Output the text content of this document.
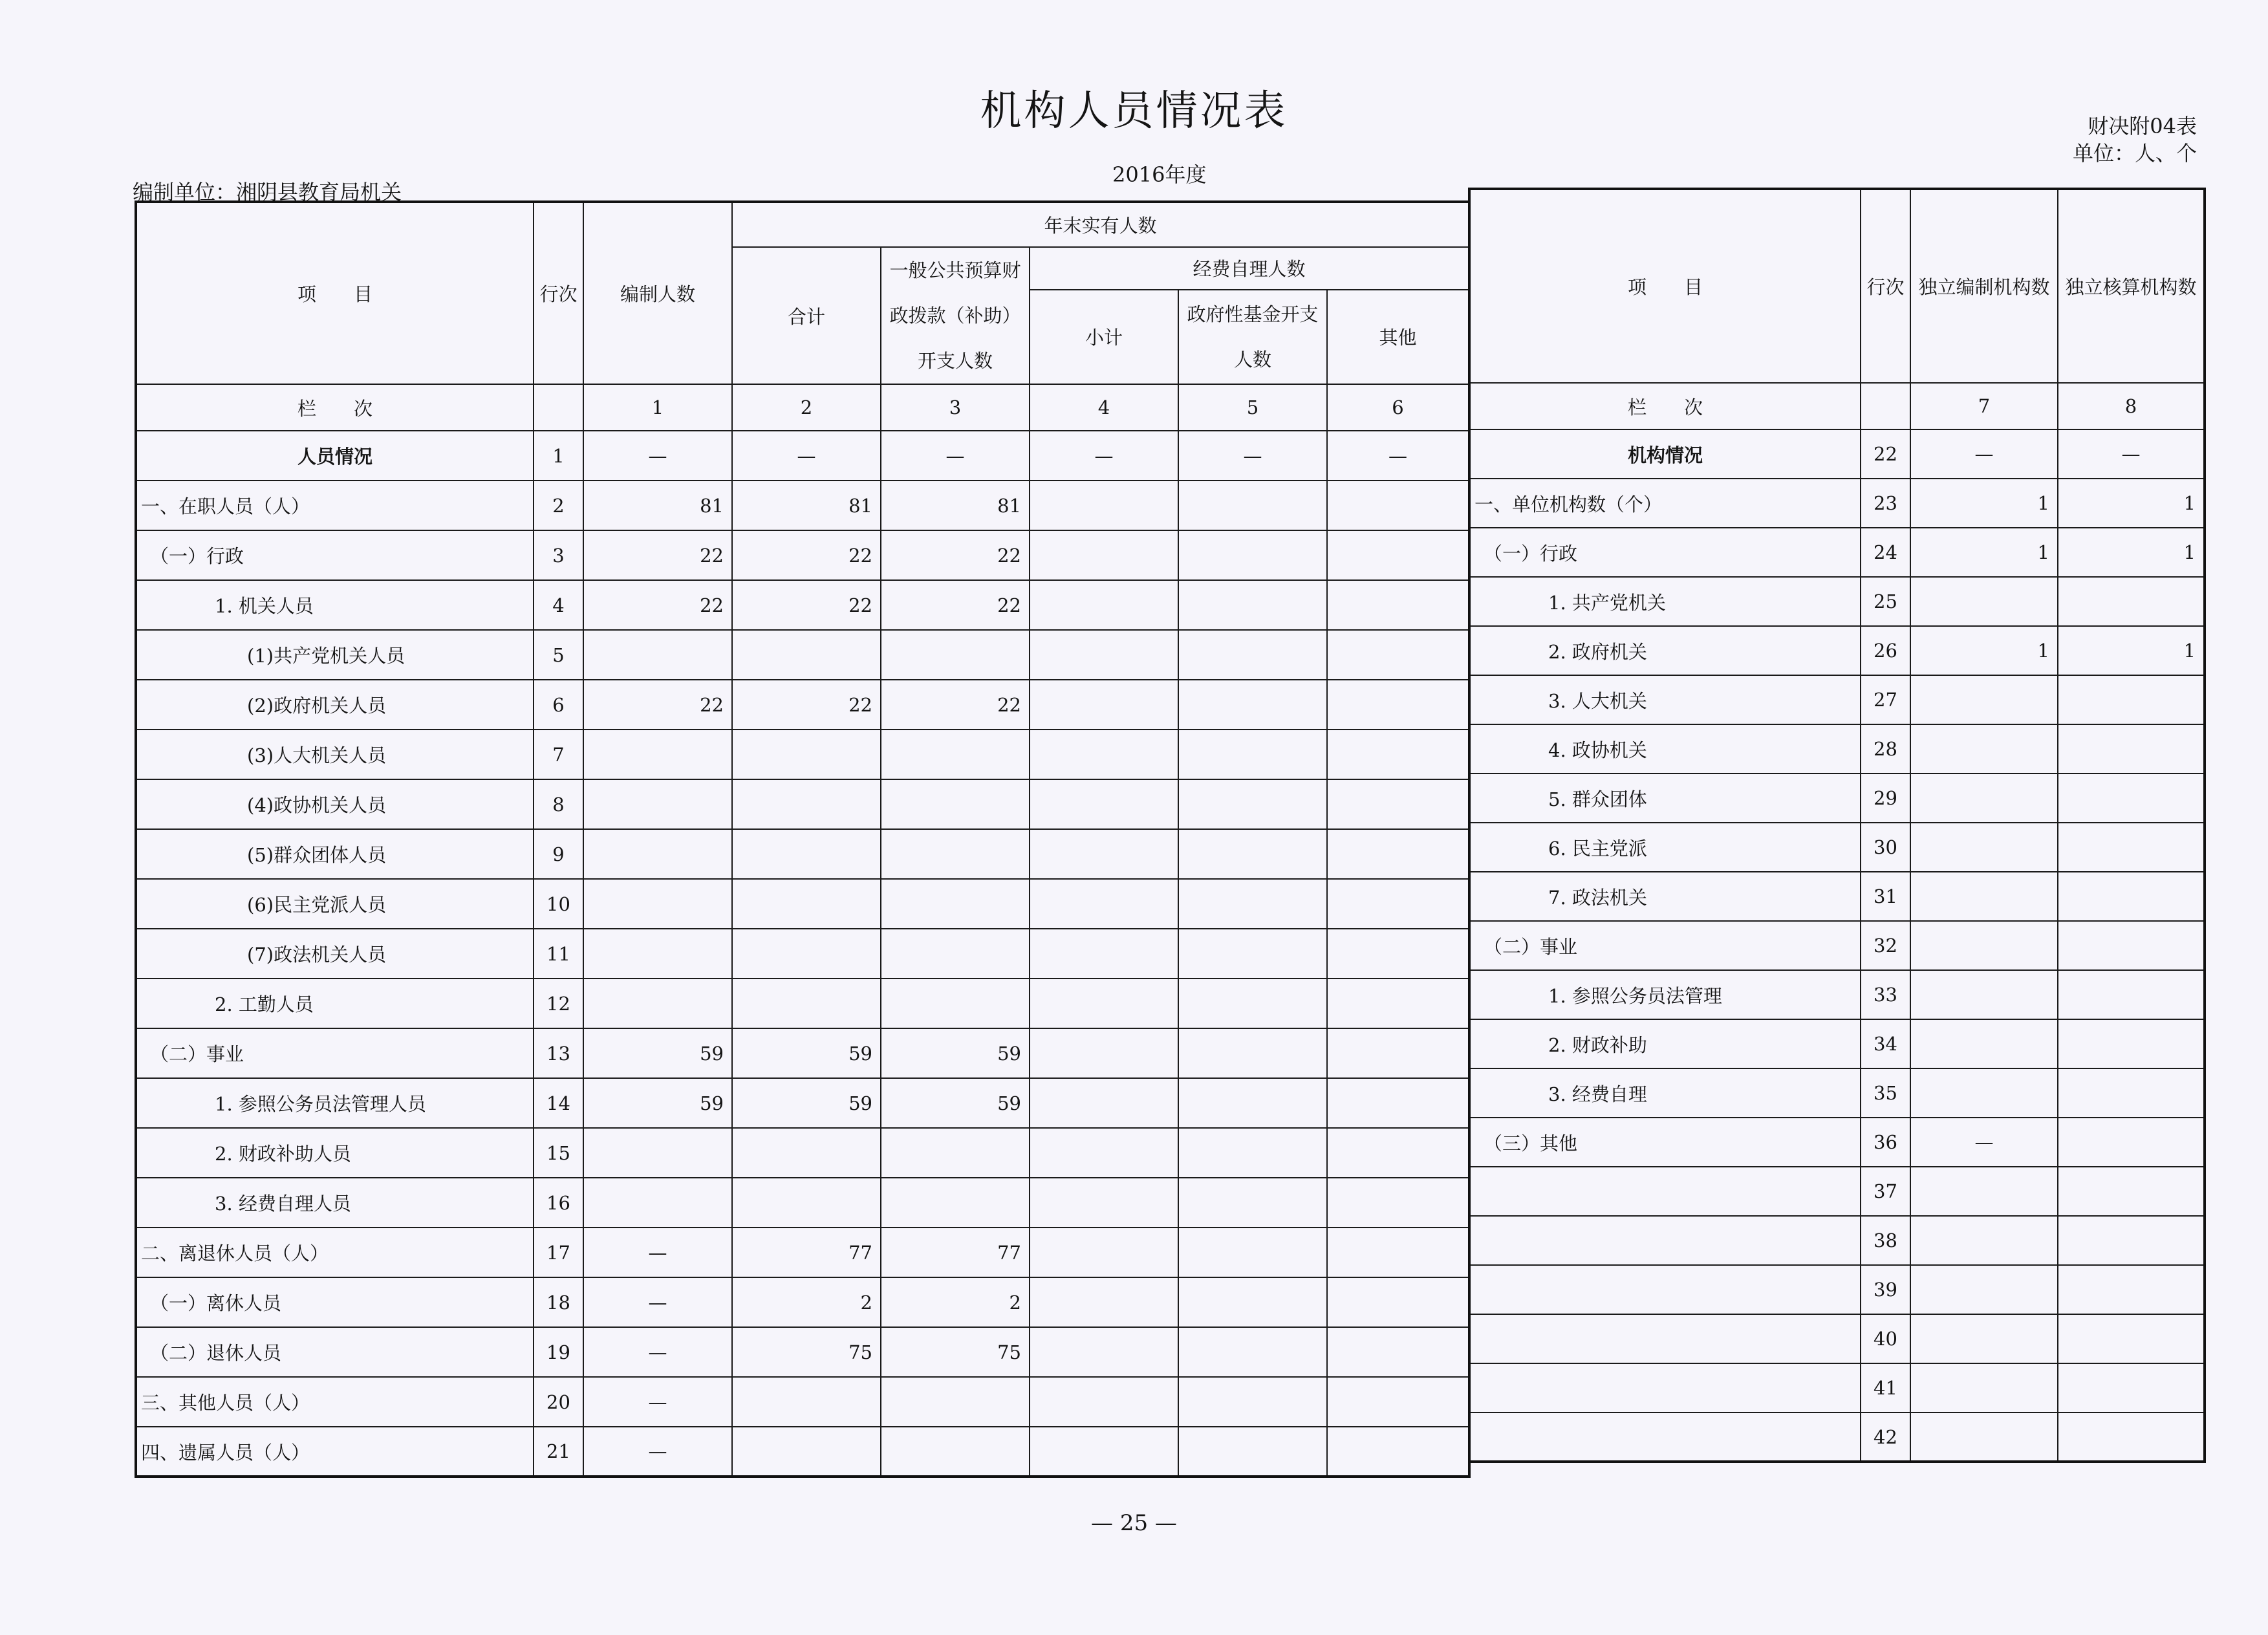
机构人员情况表	财决附04表
单位：人、个
2016年度
编制单位：湘阴县教育局机关
项　　目	行次	编制人数	年末实有人数				
			合计	一般公共预算财政拨款（补助）开支人数	经费自理人数		
					小计	政府性基金开支人数	其他
栏　　次		1	2	3	4	5	6
人员情况	1	—	—	—	—	—	—
一、在职人员（人）	2	81	81	81			
（一）行政	3	22	22	22			
1. 机关人员	4	22	22	22			
(1)共产党机关人员	5						
(2)政府机关人员	6	22	22	22			
(3)人大机关人员	7						
(4)政协机关人员	8						
(5)群众团体人员	9						
(6)民主党派人员	10						
(7)政法机关人员	11						
2. 工勤人员	12						
（二）事业	13	59	59	59			
1. 参照公务员法管理人员	14	59	59	59			
2. 财政补助人员	15						
3. 经费自理人员	16						
二、离退休人员（人）	17	—	77	77			
（一）离休人员	18	—	2	2			
（二）退休人员	19	—	75	75			
三、其他人员（人）	20	—					
四、遗属人员（人）	21	—					
项　　目	行次	独立编制机构数	独立核算机构数
栏　　次		7	8
机构情况	22	—	—
一、单位机构数（个）	23	1	1
（一）行政	24	1	1
1. 共产党机关	25		
2. 政府机关	26	1	1
3. 人大机关	27		
4. 政协机关	28		
5. 群众团体	29		
6. 民主党派	30		
7. 政法机关	31		
（二）事业	32		
1. 参照公务员法管理	33		
2. 财政补助	34		
3. 经费自理	35		
（三）其他	36	—	
	37		
	38		
	39		
	40		
	41		
	42		
— 25 —
